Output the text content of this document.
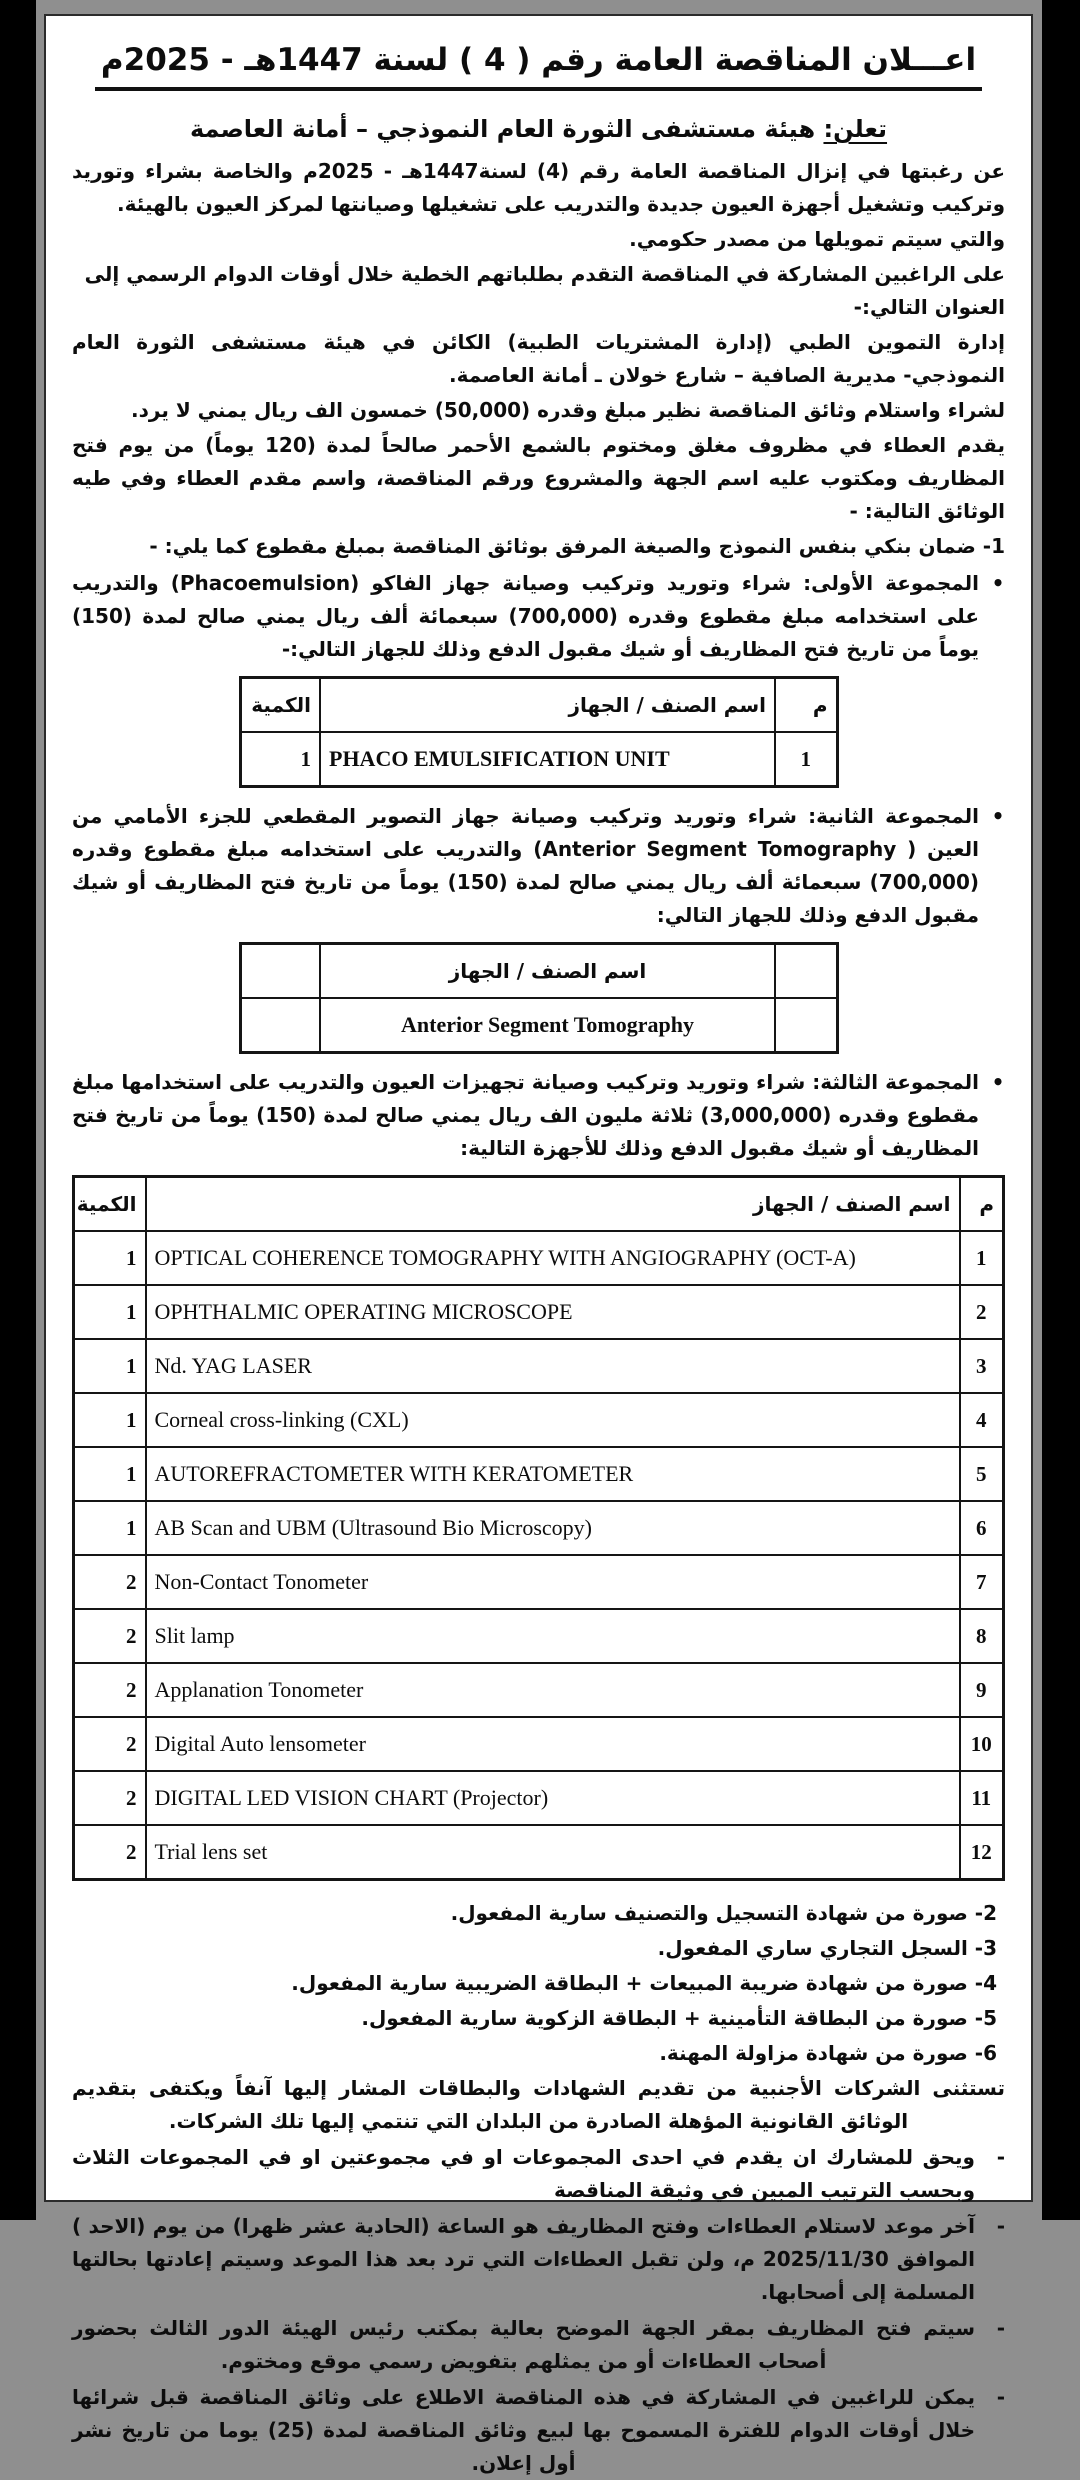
اعـــلان المناقصة العامة رقم ( 4 ) لسنة 1447هـ - 2025م
تعلن: هيئة مستشفى الثورة العام النموذجي – أمانة العاصمة

عن رغبتها في إنزال المناقصة العامة رقم (4) لسنة1447هـ - 2025م والخاصة بشراء وتوريد وتركيب وتشغيل أجهزة العيون جديدة والتدريب على تشغيلها وصيانتها لمركز العيون بالهيئة.

والتي سيتم تمويلها من مصدر حكومي.

على الراغبين المشاركة في المناقصة التقدم بطلباتهم الخطية خلال أوقات الدوام الرسمي إلى العنوان التالي:-

إدارة التموين الطبي (إدارة المشتريات الطبية) الكائن في هيئة مستشفى الثورة العام النموذجي- مديرية الصافية – شارع خولان ـ أمانة العاصمة.

لشراء واستلام وثائق المناقصة نظير مبلغ وقدره (50,000) خمسون الف ريال يمني لا يرد.

يقدم العطاء في مظروف مغلق ومختوم بالشمع الأحمر صالحاً لمدة (120 يوماً) من يوم فتح المظاريف ومكتوب عليه اسم الجهة والمشروع ورقم المناقصة، واسم مقدم العطاء وفي طيه الوثائق التالية: -

1- ضمان بنكي بنفس النموذج والصيغة المرفق بوثائق المناقصة بمبلغ مقطوع كما يلي: -

•

المجموعة الأولى: شراء وتوريد وتركيب وصيانة جهاز الفاكو (Phacoemulsion) والتدريب على استخدامه مبلغ مقطوع وقدره (700,000) سبعمائة ألف ريال يمني صالح لمدة (150) يوماً من تاريخ فتح المظاريف أو شيك مقبول الدفع وذلك للجهاز التالي:-

م	اسم الصنف / الجهاز	الكمية
1	PHACO EMULSIFICATION UNIT	1
•

المجموعة الثانية: شراء وتوريد وتركيب وصيانة جهاز التصوير المقطعي للجزء الأمامي من العين ( Anterior Segment Tomography) والتدريب على استخدامه مبلغ مقطوع وقدره (700,000) سبعمائة ألف ريال يمني صالح لمدة (150) يوماً من تاريخ فتح المظاريف أو شيك مقبول الدفع وذلك للجهاز التالي:

	اسم الصنف / الجهاز	
	Anterior Segment Tomography	
•

المجموعة الثالثة: شراء وتوريد وتركيب وصيانة تجهيزات العيون والتدريب على استخدامها مبلغ مقطوع وقدره (3,000,000) ثلاثة مليون الف ريال يمني صالح لمدة (150) يوماً من تاريخ فتح المظاريف أو شيك مقبول الدفع وذلك للأجهزة التالية:

م	اسم الصنف / الجهاز	الكمية
1	OPTICAL COHERENCE TOMOGRAPHY WITH ANGIOGRAPHY (OCT-A)	1
2	OPHTHALMIC OPERATING MICROSCOPE	1
3	Nd. YAG LASER	1
4	Corneal cross-linking (CXL)	1
5	AUTOREFRACTOMETER WITH KERATOMETER	1
6	AB Scan and UBM (Ultrasound Bio Microscopy)	1
7	Non-Contact Tonometer	2
8	Slit lamp	2
9	Applanation Tonometer	2
10	Digital Auto lensometer	2
11	DIGITAL LED VISION CHART (Projector)	2
12	Trial lens set	2

2- صورة من شهادة التسجيل والتصنيف سارية المفعول.

3- السجل التجاري ساري المفعول.

4- صورة من شهادة ضريبة المبيعات + البطاقة الضريبية سارية المفعول.

5- صورة من البطاقة التأمينية + البطاقة الزكوية سارية المفعول.

6- صورة من شهادة مزاولة المهنة.

تستثنى الشركات الأجنبية من تقديم الشهادات والبطاقات المشار إليها آنفاً ويكتفى بتقديم الوثائق القانونية المؤهلة الصادرة من البلدان التي تنتمي إليها تلك الشركات.

-

ويحق للمشارك ان يقدم في احدى المجموعات او في مجموعتين او في المجموعات الثلاث وبحسب الترتيب المبين في وثيقة المناقصة

-

آخر موعد لاستلام العطاءات وفتح المظاريف هو الساعة (الحادية عشر ظهرا) من يوم (الاحد ) الموافق 2025/11/30 م، ولن تقبل العطاءات التي ترد بعد هذا الموعد وسيتم إعادتها بحالتها المسلمة إلى أصحابها.

-

سيتم فتح المظاريف بمقر الجهة الموضح بعالية بمكتب رئيس الهيئة الدور الثالث بحضور أصحاب العطاءات أو من يمثلهم بتفويض رسمي موقع ومختوم.

-

يمكن للراغبين في المشاركة في هذه المناقصة الاطلاع على وثائق المناقصة قبل شرائها خلال أوقات الدوام للفترة المسموح بها لبيع وثائق المناقصة لمدة (25) يوما من تاريخ نشر أول إعلان.
